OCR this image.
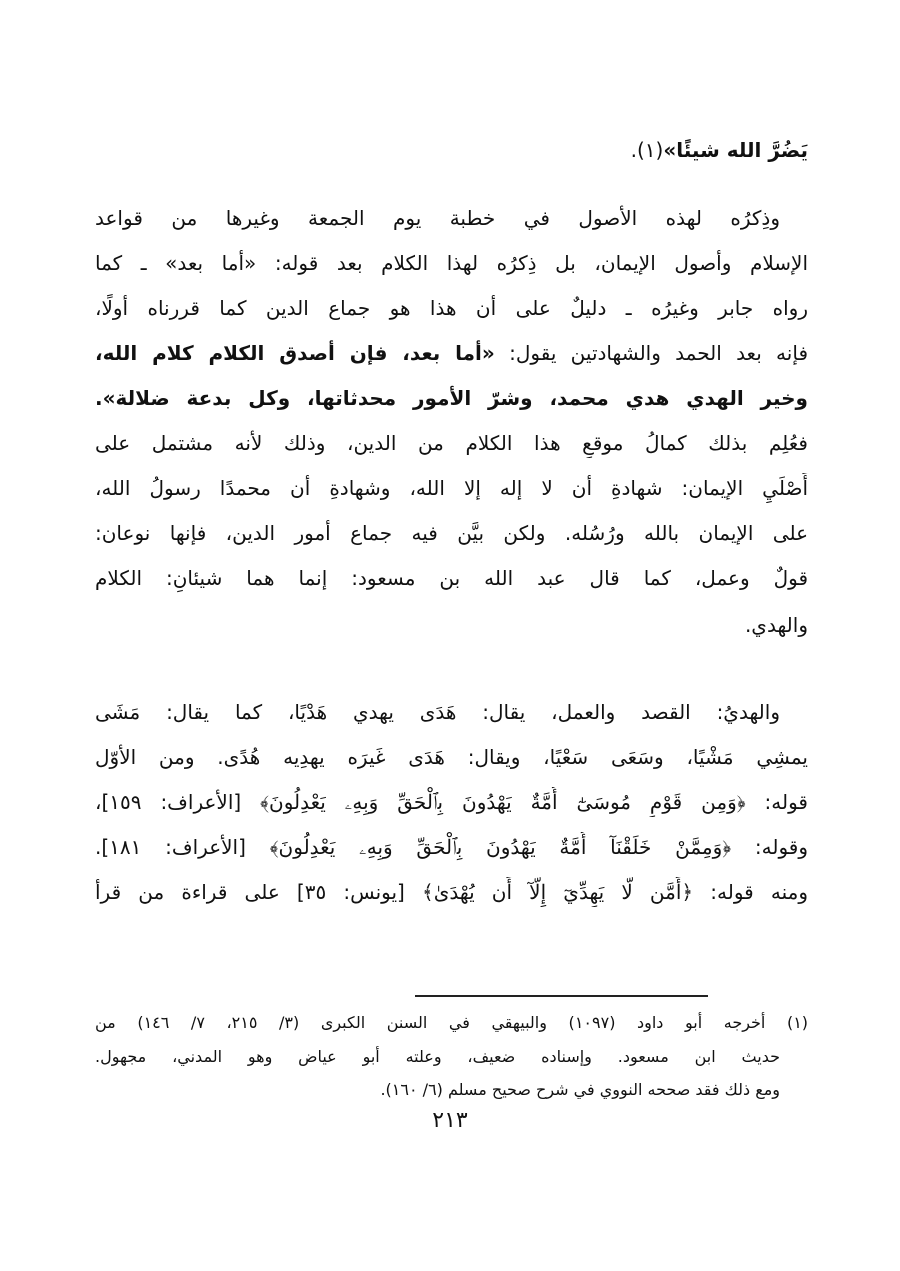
يَضُرَّ الله شيئًا»(١).
وذِكرُه لهذه الأصول في خطبة يوم الجمعة وغيرها من قواعد
الإسلام وأصول الإيمان، بل ذِكرُه لهذا الكلام بعد قوله: «أما بعد» ـ كما
رواه جابر وغيرُه ـ دليلٌ على أن هذا هو جماع الدين كما قررناه أولًا،
فإنه بعد الحمد والشهادتين يقول: «أما بعد، فإن أصدق الكلام كلام الله،
وخير الهدي هدي محمد، وشرّ الأمور محدثاتها، وكل بدعة ضلالة».
فعُلِم بذلك كمالُ موقعِ هذا الكلام من الدين، وذلك لأنه مشتمل على
أَصْلَيِ الإيمان: شهادةِ أن لا إله إلا الله، وشهادةِ أن محمدًا رسولُ الله،
على الإيمان بالله ورُسُله. ولكن بيَّن فيه جماع أمور الدين، فإنها نوعان:
قولٌ وعمل، كما قال عبد الله بن مسعود: إنما هما شيئانِ: الكلام
والهدي.
والهديُ: القصد والعمل، يقال: هَدَى يهدي هَدْيًا، كما يقال: مَشَى
يمشِي مَشْيًا، وسَعَى سَعْيًا، ويقال: هَدَى غَيرَه يهدِيه هُدًى. ومن الأوّل
قوله: ﴿وَمِن قَوْمِ مُوسَىٰٓ أُمَّةٌ يَهْدُونَ بِٱلْحَقِّ وَبِهِۦ يَعْدِلُونَ﴾ [الأعراف: ١٥٩]،
وقوله: ﴿وَمِمَّنْ خَلَقْنَآ أُمَّةٌ يَهْدُونَ بِٱلْحَقِّ وَبِهِۦ يَعْدِلُونَ﴾ [الأعراف: ١٨١].
ومنه قوله: ﴿أَمَّن لَّا يَهِدِّيٓ إِلَّآ أَن يُهْدَىٰ﴾ [يونس: ٣٥] على قراءة من قرأ
(١) أخرجه أبو داود (١٠٩٧) والبيهقي في السنن الكبرى (٣/ ٢١٥، ٧/ ١٤٦) من
حديث ابن مسعود. وإسناده ضعيف، وعلته أبو عياض وهو المدني، مجهول.
ومع ذلك فقد صححه النووي في شرح صحيح مسلم (٦/ ١٦٠).
٢١٣
